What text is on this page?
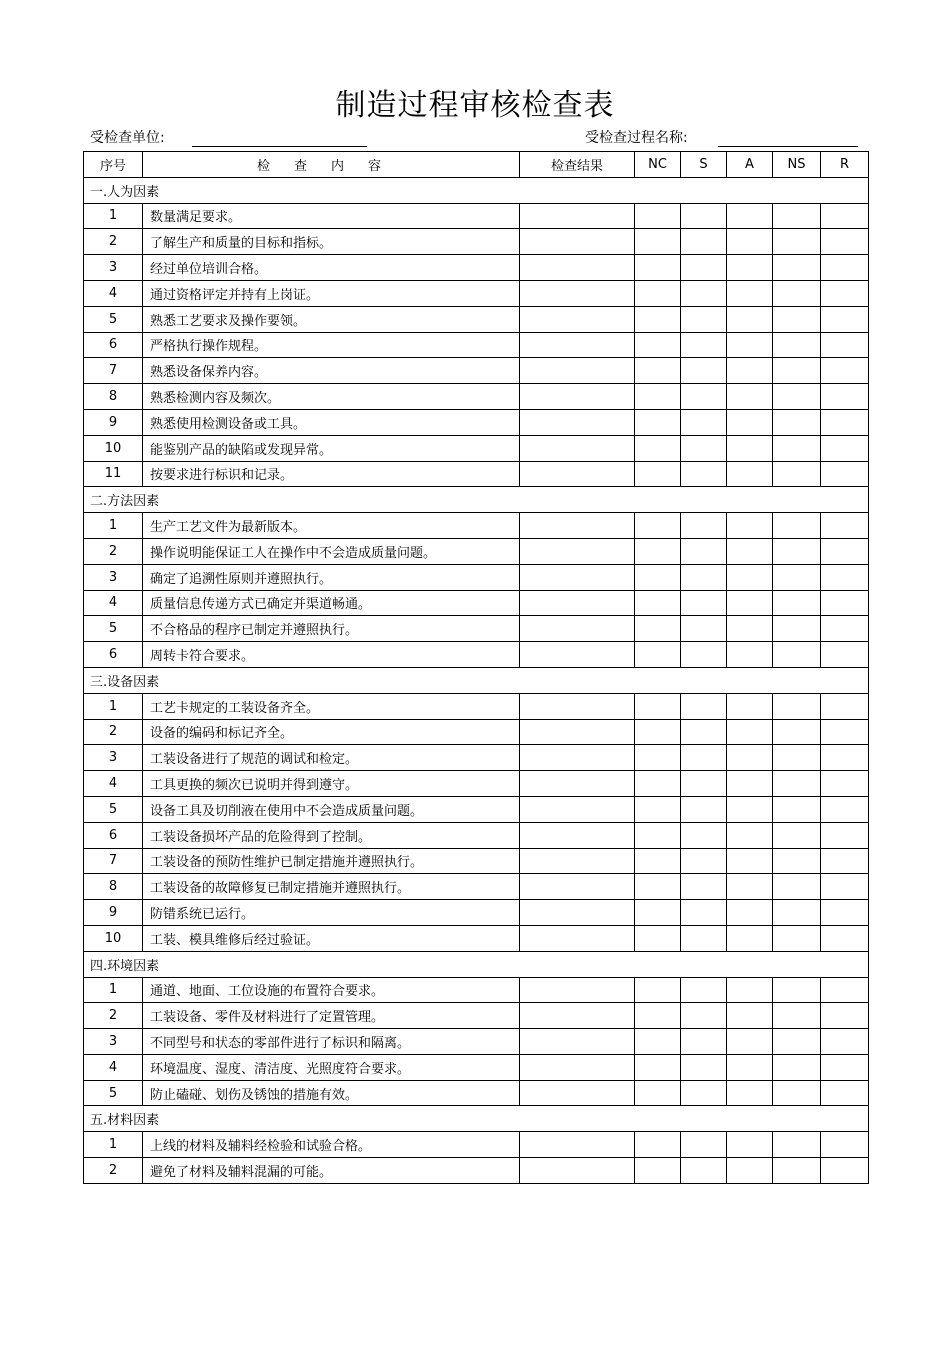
制造过程审核检查表
受检查单位:	受检查过程名称:
序号	检查内容	检查结果	NC	S	A	NS	R
一.人为因素							
1	数量满足要求。						
2	了解生产和质量的目标和指标。						
3	经过单位培训合格。						
4	通过资格评定并持有上岗证。						
5	熟悉工艺要求及操作要领。						
6	严格执行操作规程。						
7	熟悉设备保养内容。						
8	熟悉检测内容及频次。						
9	熟悉使用检测设备或工具。						
10	能鉴别产品的缺陷或发现异常。						
11	按要求进行标识和记录。						
二.方法因素							
1	生产工艺文件为最新版本。						
2	操作说明能保证工人在操作中不会造成质量问题。						
3	确定了追溯性原则并遵照执行。						
4	质量信息传递方式已确定并渠道畅通。						
5	不合格品的程序已制定并遵照执行。						
6	周转卡符合要求。						
三.设备因素							
1	工艺卡规定的工装设备齐全。						
2	设备的编码和标记齐全。						
3	工装设备进行了规范的调试和检定。						
4	工具更换的频次已说明并得到遵守。						
5	设备工具及切削液在使用中不会造成质量问题。						
6	工装设备损坏产品的危险得到了控制。						
7	工装设备的预防性维护已制定措施并遵照执行。						
8	工装设备的故障修复已制定措施并遵照执行。						
9	防错系统已运行。						
10	工装、模具维修后经过验证。						
四.环境因素							
1	通道、地面、工位设施的布置符合要求。						
2	工装设备、零件及材料进行了定置管理。						
3	不同型号和状态的零部件进行了标识和隔离。						
4	环境温度、湿度、清洁度、光照度符合要求。						
5	防止磕碰、划伤及锈蚀的措施有效。						
五.材料因素							
1	上线的材料及辅料经检验和试验合格。						
2	避免了材料及辅料混漏的可能。						
